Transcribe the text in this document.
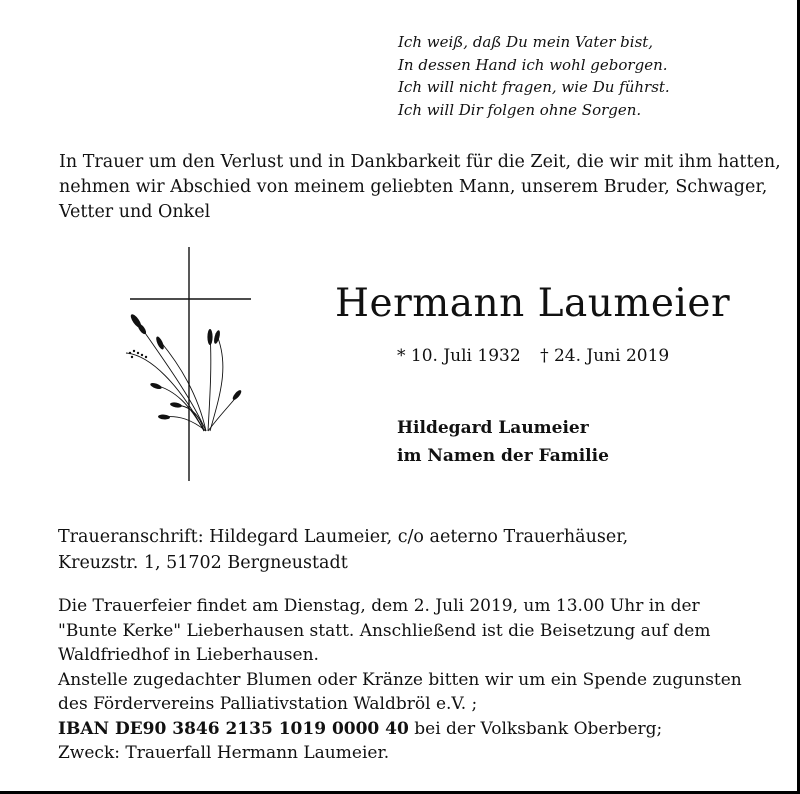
Ich weiß, daß Du mein Vater bist,
In dessen Hand ich wohl geborgen.
Ich will nicht fragen, wie Du führst.
Ich will Dir folgen ohne Sorgen.
In Trauer um den Verlust und in Dankbarkeit für die Zeit, die wir mit ihm hatten,
nehmen wir Abschied von meinem geliebten Mann, unserem Bruder, Schwager,
Vetter und Onkel
Hermann Laumeier
* 10. Juli 1932 † 24. Juni 2019
Hildegard Laumeier
im Namen der Familie
Traueranschrift: Hildegard Laumeier, c/o aeterno Trauerhäuser,
Kreuzstr. 1, 51702 Bergneustadt
Die Trauerfeier findet am Dienstag, dem 2. Juli 2019, um 13.00 Uhr in der
"Bunte Kerke" Lieberhausen statt. Anschließend ist die Beisetzung auf dem
Waldfriedhof in Lieberhausen.
Anstelle zugedachter Blumen oder Kränze bitten wir um ein Spende zugunsten
des Fördervereins Palliativstation Waldbröl e.V. ;
IBAN DE90 3846 2135 1019 0000 40 bei der Volksbank Oberberg;
Zweck: Trauerfall Hermann Laumeier.
